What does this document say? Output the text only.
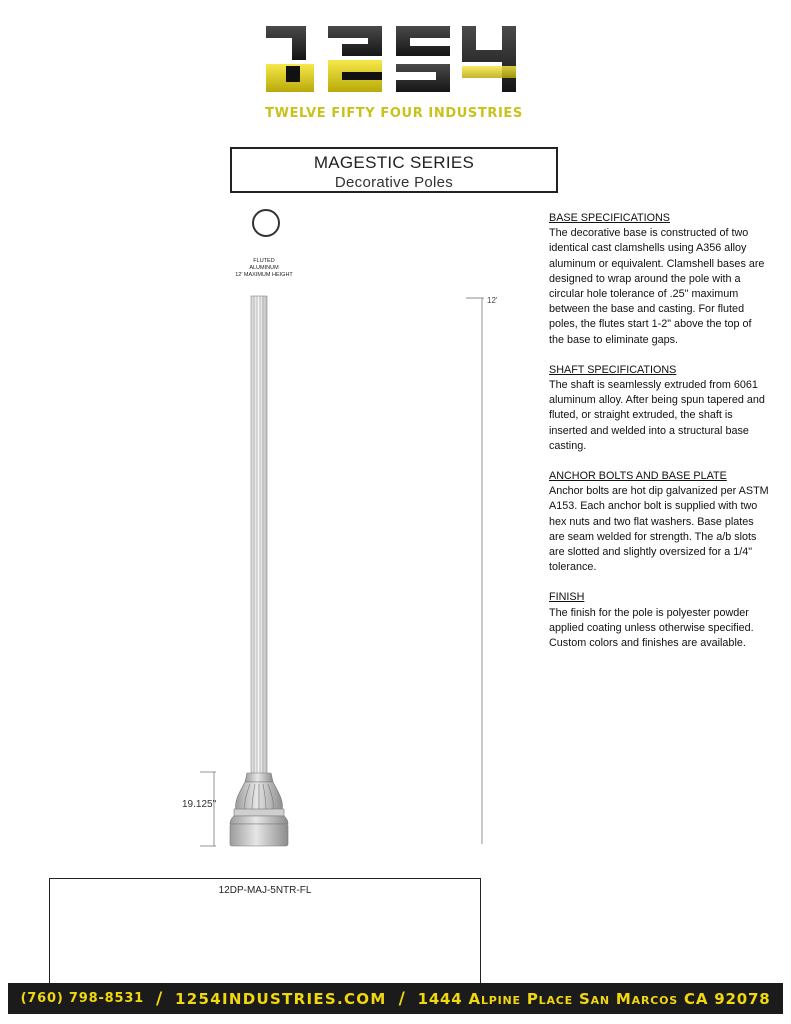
TWELVE FIFTY FOUR INDUSTRIES
MAGESTIC SERIES
Decorative Poles
FLUTED
ALUMINUM
12' MAXIMUM HEIGHT
12'
19.125"
BASE SPECIFICATIONS
The decorative base is constructed of two identical cast clamshells using A356 alloy aluminum or equivalent. Clamshell bases are designed to wrap around the pole with a circular hole tolerance of .25" maximum between the base and casting. For fluted poles, the flutes start 1-2" above the top of the base to eliminate gaps.
SHAFT SPECIFICATIONS
The shaft is seamlessly extruded from 6061 aluminum alloy. After being spun tapered and fluted, or straight extruded, the shaft is inserted and welded into a structural base casting.
ANCHOR BOLTS AND BASE PLATE
Anchor bolts are hot dip galvanized per ASTM A153. Each anchor bolt is supplied with two hex nuts and two flat washers. Base plates are seam welded for strength. The a/b slots are slotted and slightly oversized for a 1/4" tolerance.
FINISH
The finish for the pole is polyester powder applied coating unless otherwise specified. Custom colors and finishes are available.
12DP-MAJ-5NTR-FL
(760) 798-8531 / 1254INDUSTRIES.COM / 1444 Alpine Place San Marcos CA 92078
